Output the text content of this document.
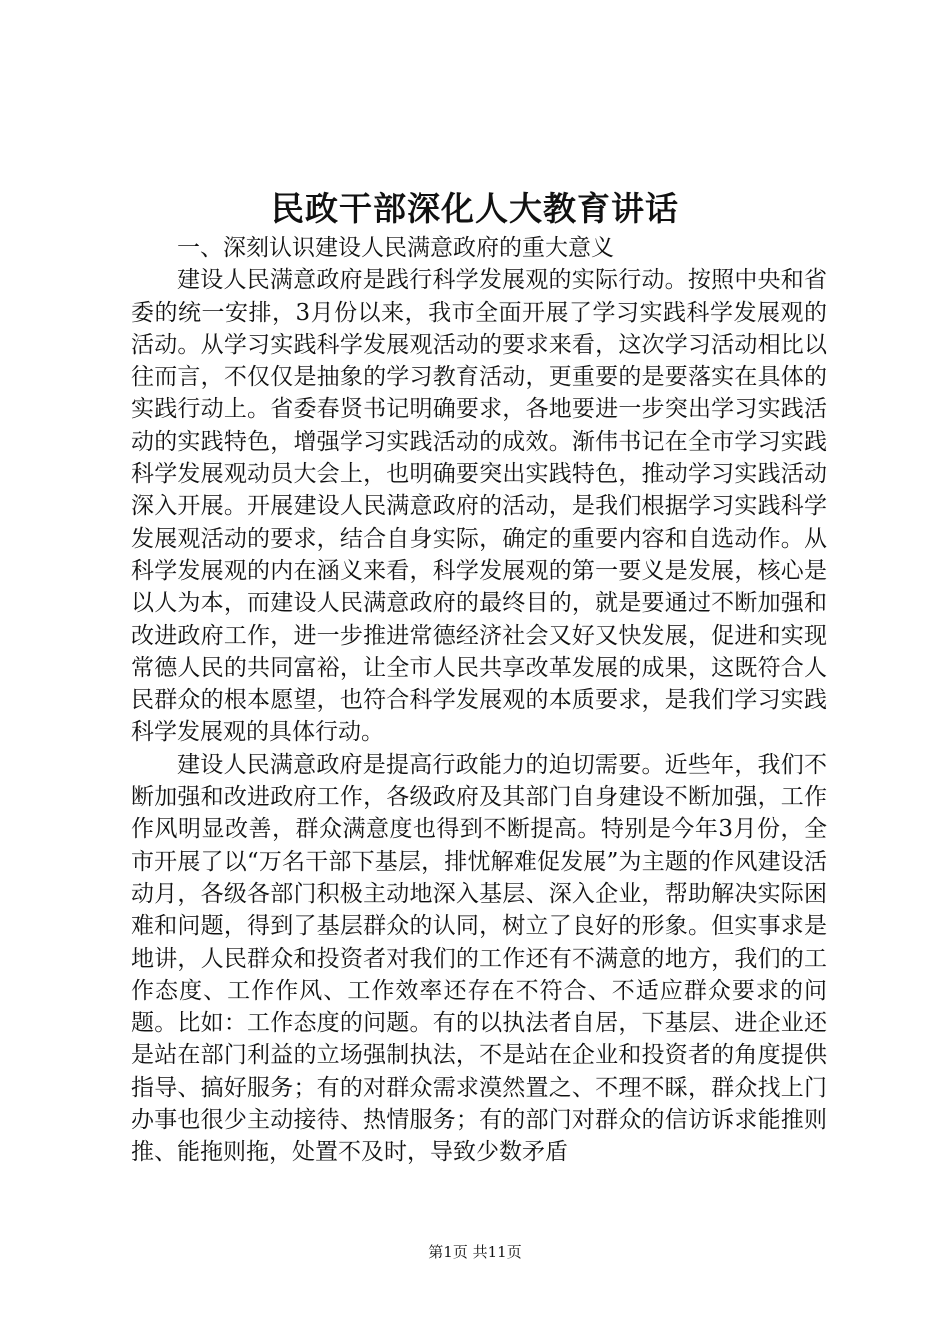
民政干部深化人大教育讲话

一、深刻认识建设人民满意政府的重大意义

建设人民满意政府是践行科学发展观的实际行动。按照中央和省委的统一安排，3月份以来，我市全面开展了学习实践科学发展观的活动。从学习实践科学发展观活动的要求来看，这次学习活动相比以往而言，不仅仅是抽象的学习教育活动，更重要的是要落实在具体的实践行动上。省委春贤书记明确要求，各地要进一步突出学习实践活动的实践特色，增强学习实践活动的成效。渐伟书记在全市学习实践科学发展观动员大会上，也明确要突出实践特色，推动学习实践活动深入开展。开展建设人民满意政府的活动，是我们根据学习实践科学发展观活动的要求，结合自身实际，确定的重要内容和自选动作。从科学发展观的内在涵义来看，科学发展观的第一要义是发展，核心是以人为本，而建设人民满意政府的最终目的，就是要通过不断加强和改进政府工作，进一步推进常德经济社会又好又快发展，促进和实现常德人民的共同富裕，让全市人民共享改革发展的成果，这既符合人民群众的根本愿望，也符合科学发展观的本质要求，是我们学习实践科学发展观的具体行动。

建设人民满意政府是提高行政能力的迫切需要。近些年，我们不断加强和改进政府工作，各级政府及其部门自身建设不断加强，工作作风明显改善，群众满意度也得到不断提高。特别是今年3月份，全市开展了以“万名干部下基层，排忧解难促发展”为主题的作风建设活动月，各级各部门积极主动地深入基层、深入企业，帮助解决实际困难和问题，得到了基层群众的认同，树立了良好的形象。但实事求是地讲，人民群众和投资者对我们的工作还有不满意的地方，我们的工作态度、工作作风、工作效率还存在不符合、不适应群众要求的问题。比如：工作态度的问题。有的以执法者自居，下基层、进企业还是站在部门利益的立场强制执法，不是站在企业和投资者的角度提供指导、搞好服务；有的对群众需求漠然置之、不理不睬，群众找上门办事也很少主动接待、热情服务；有的部门对群众的信访诉求能推则推、能拖则拖，处置不及时，导致少数矛盾

第1页 共11页
